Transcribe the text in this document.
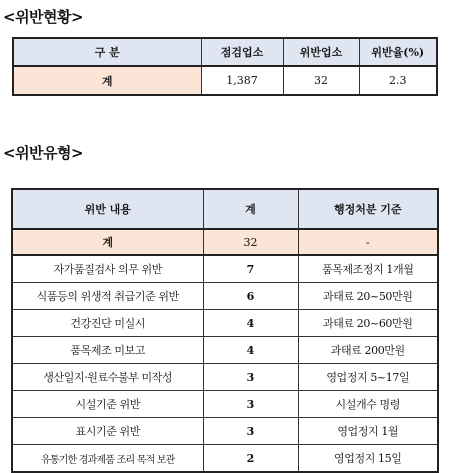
<위반현황>
구 분	점검업소	위반업소	위반율(%)
계	1,387	32	2.3
<위반유형>
위반 내용	계	행정처분 기준
계	32	-
자가품질검사 의무 위반	7	품목제조정지 1개월
식품등의 위생적 취급기준 위반	6	과태료 20~50만원
건강진단 미실시	4	과태료 20~60만원
품목제조 미보고	4	과태료 200만원
생산일지·원료수불부 미작성	3	영업정지 5~17일
시설기준 위반	3	시설개수 명령
표시기준 위반	3	영업정지 1월
유통기한 경과제품 조리 목적 보관	2	영업정지 15일
